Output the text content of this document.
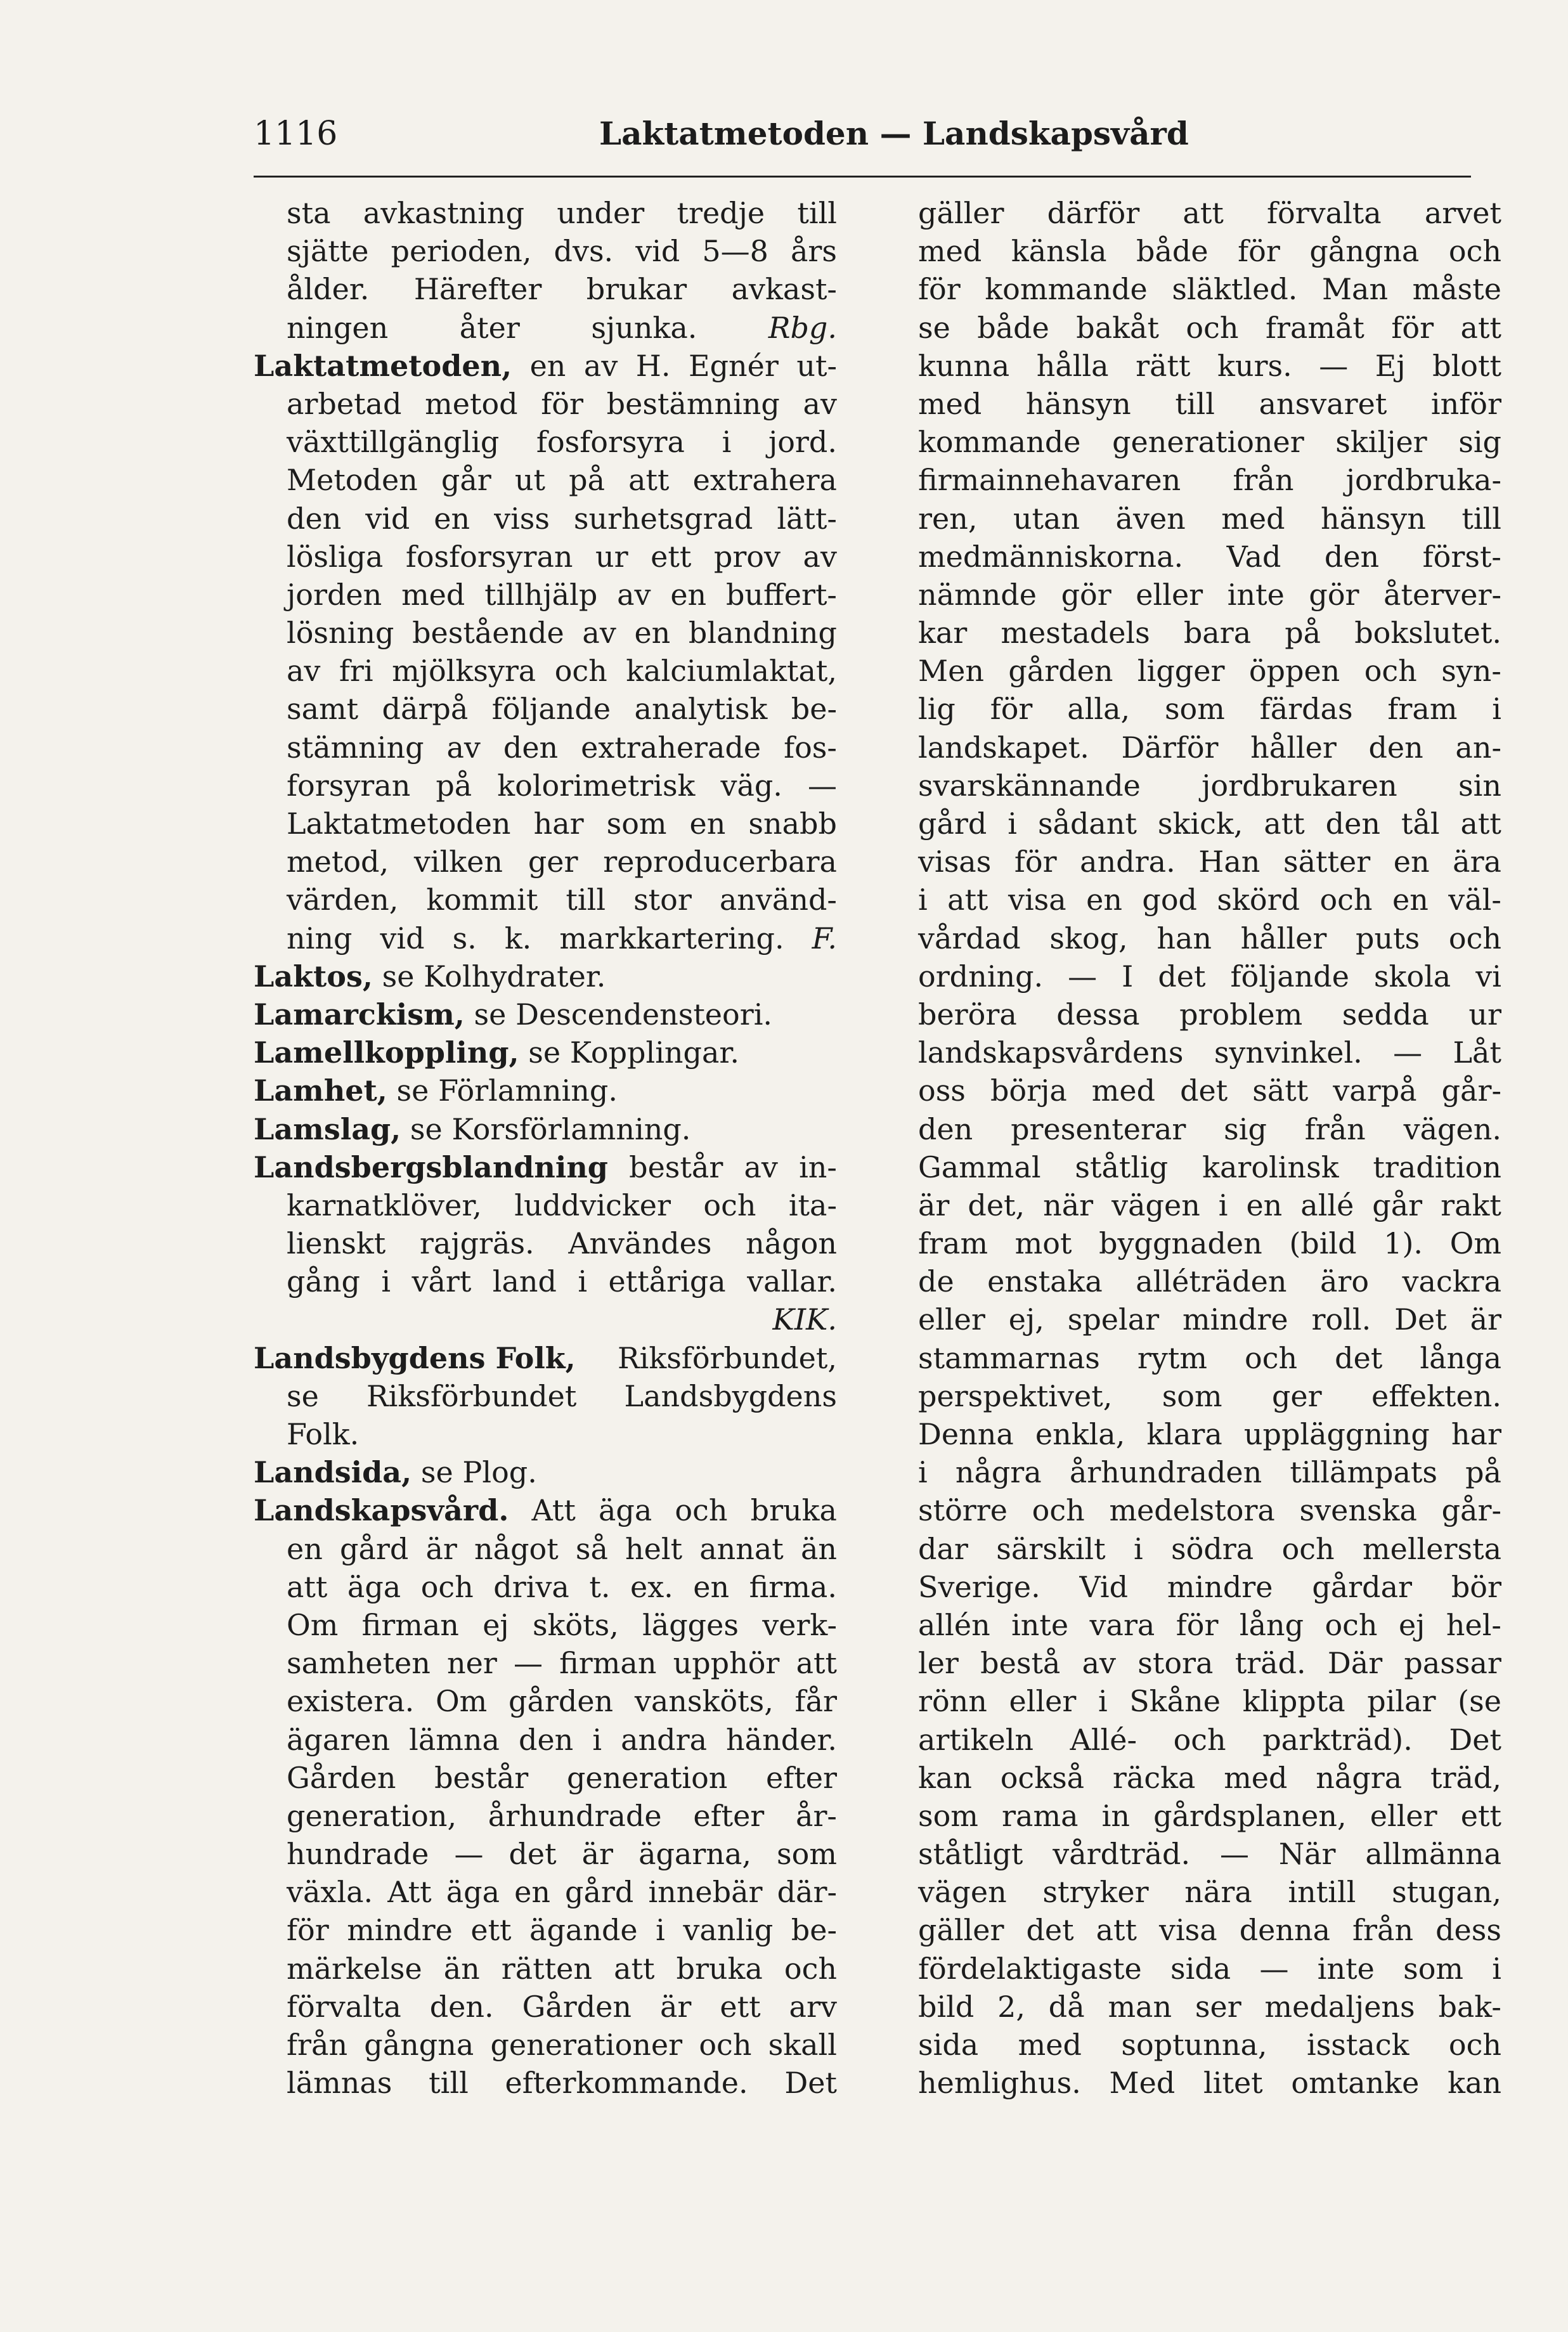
1116	Laktatmetoden — Landskapsvård
sta avkastning under tredje till
sjätte perioden, dvs. vid 5—8 års
ålder. Härefter brukar avkast-
ningen åter sjunka. Rbg.
Laktatmetoden, en av H. Egnér ut-
arbetad metod för bestämning av
växttillgänglig fosforsyra i jord.
Metoden går ut på att extrahera
den vid en viss surhetsgrad lätt-
lösliga fosforsyran ur ett prov av
jorden med tillhjälp av en buffert-
lösning bestående av en blandning
av fri mjölksyra och kalciumlaktat,
samt därpå följande analytisk be-
stämning av den extraherade fos-
forsyran på kolorimetrisk väg. —
Laktatmetoden har som en snabb
metod, vilken ger reproducerbara
värden, kommit till stor använd-
ning vid s. k. markkartering. F.
Laktos, se Kolhydrater.
Lamarckism, se Descendensteori.
Lamellkoppling, se Kopplingar.
Lamhet, se Förlamning.
Lamslag, se Korsförlamning.
Landsbergsblandning består av in-
karnatklöver, luddvicker och ita-
lienskt rajgräs. Användes någon
gång i vårt land i ettåriga vallar.
KIK.
Landsbygdens Folk, Riksförbundet,
se Riksförbundet Landsbygdens
Folk.
Landsida, se Plog.
Landskapsvård. Att äga och bruka
en gård är något så helt annat än
att äga och driva t. ex. en firma.
Om firman ej sköts, lägges verk-
samheten ner — firman upphör att
existera. Om gården vansköts, får
ägaren lämna den i andra händer.
Gården består generation efter
generation, århundrade efter år-
hundrade — det är ägarna, som
växla. Att äga en gård innebär där-
för mindre ett ägande i vanlig be-
märkelse än rätten att bruka och
förvalta den. Gården är ett arv
från gångna generationer och skall
lämnas till efterkommande. Det
gäller därför att förvalta arvet
med känsla både för gångna och
för kommande släktled. Man måste
se både bakåt och framåt för att
kunna hålla rätt kurs. — Ej blott
med hänsyn till ansvaret inför
kommande generationer skiljer sig
firmainnehavaren från jordbruka-
ren, utan även med hänsyn till
medmänniskorna. Vad den först-
nämnde gör eller inte gör återver-
kar mestadels bara på bokslutet.
Men gården ligger öppen och syn-
lig för alla, som färdas fram i
landskapet. Därför håller den an-
svarskännande jordbrukaren sin
gård i sådant skick, att den tål att
visas för andra. Han sätter en ära
i att visa en god skörd och en väl-
vårdad skog, han håller puts och
ordning. — I det följande skola vi
beröra dessa problem sedda ur
landskapsvårdens synvinkel. — Låt
oss börja med det sätt varpå går-
den presenterar sig från vägen.
Gammal ståtlig karolinsk tradition
är det, när vägen i en allé går rakt
fram mot byggnaden (bild 1). Om
de enstaka alléträden äro vackra
eller ej, spelar mindre roll. Det är
stammarnas rytm och det långa
perspektivet, som ger effekten.
Denna enkla, klara uppläggning har
i några århundraden tillämpats på
större och medelstora svenska går-
dar särskilt i södra och mellersta
Sverige. Vid mindre gårdar bör
allén inte vara för lång och ej hel-
ler bestå av stora träd. Där passar
rönn eller i Skåne klippta pilar (se
artikeln Allé- och parkträd). Det
kan också räcka med några träd,
som rama in gårdsplanen, eller ett
ståtligt vårdträd. — När allmänna
vägen stryker nära intill stugan,
gäller det att visa denna från dess
fördelaktigaste sida — inte som i
bild 2, då man ser medaljens bak-
sida med soptunna, isstack och
hemlighus. Med litet omtanke kan
